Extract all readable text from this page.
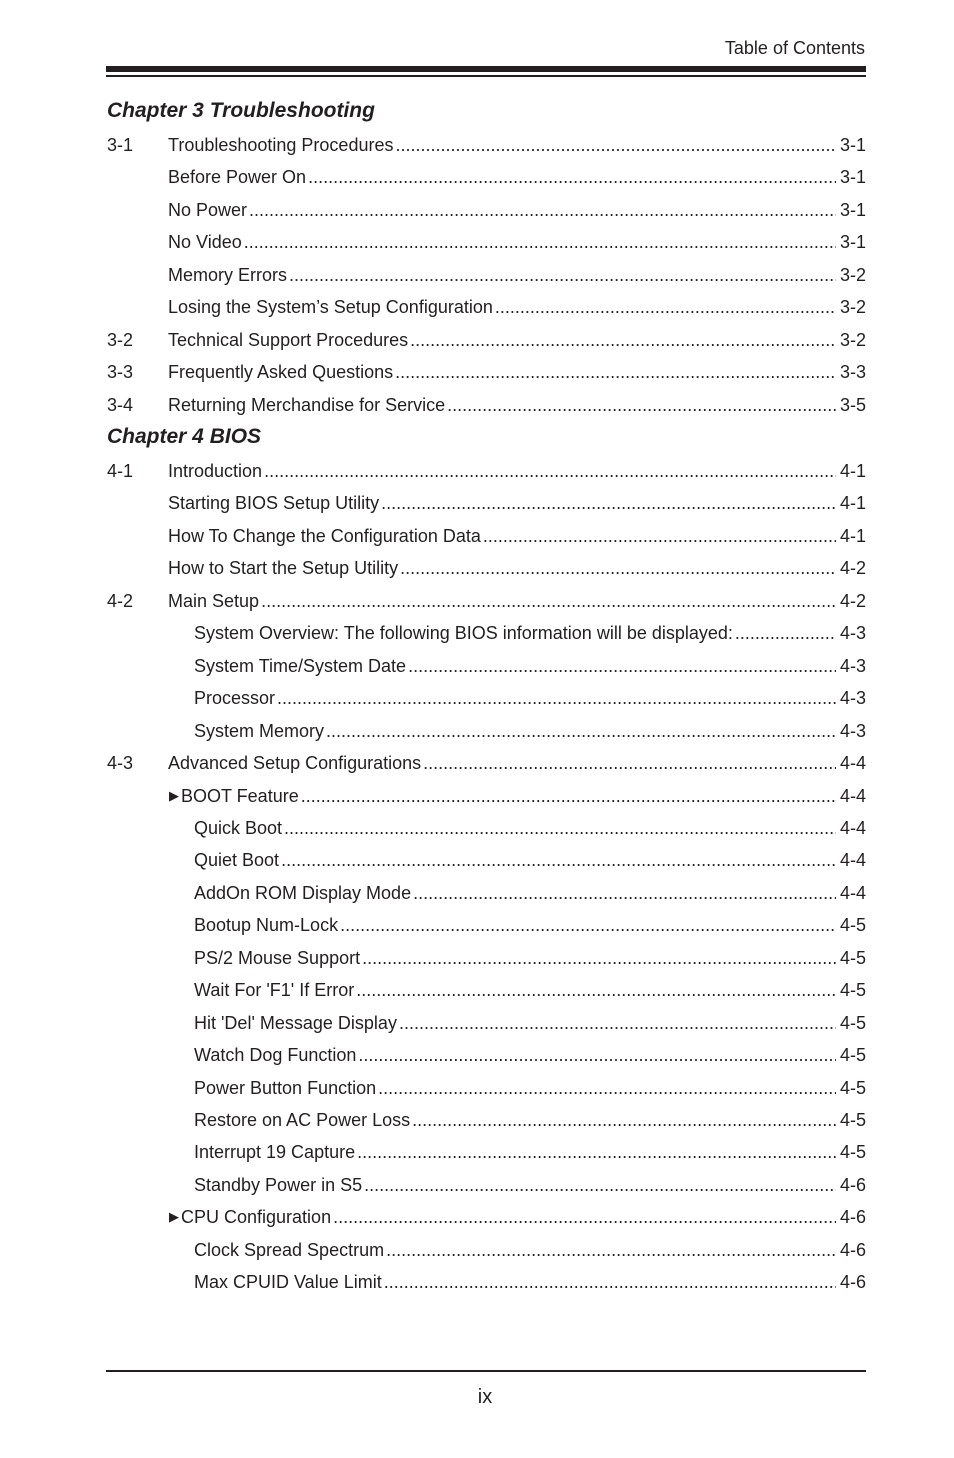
Table of Contents
Chapter 3 Troubleshooting
3-1 Troubleshooting Procedures .....	3-1
Before Power On .....	3-1
No Power .....	3-1
No Video .....	3-1
Memory Errors .....	3-2
Losing the System’s Setup Configuration .....	3-2
3-2 Technical Support Procedures .....	3-2
3-3 Frequently Asked Questions .....	3-3
3-4 Returning Merchandise for Service .....	3-5
Chapter 4 BIOS
4-1 Introduction .....	4-1
Starting BIOS Setup Utility .....	4-1
How To Change the Configuration Data .....	4-1
How to Start the Setup Utility .....	4-2
4-2 Main Setup .....	4-2
System Overview: The following BIOS information will be displayed: .....	4-3
System Time/System Date .....	4-3
Processor .....	4-3
System Memory .....	4-3
4-3 Advanced Setup Configurations .....	4-4
▶ BOOT Feature .....	4-4
Quick Boot .....	4-4
Quiet Boot .....	4-4
AddOn ROM Display Mode .....	4-4
Bootup Num-Lock .....	4-5
PS/2 Mouse Support .....	4-5
Wait For 'F1' If Error .....	4-5
Hit 'Del' Message Display .....	4-5
Watch Dog Function .....	4-5
Power Button Function .....	4-5
Restore on AC Power Loss .....	4-5
Interrupt 19 Capture .....	4-5
Standby Power in S5 .....	4-6
▶ CPU Configuration .....	4-6
Clock Spread Spectrum .....	4-6
Max CPUID Value Limit .....	4-6
ix
